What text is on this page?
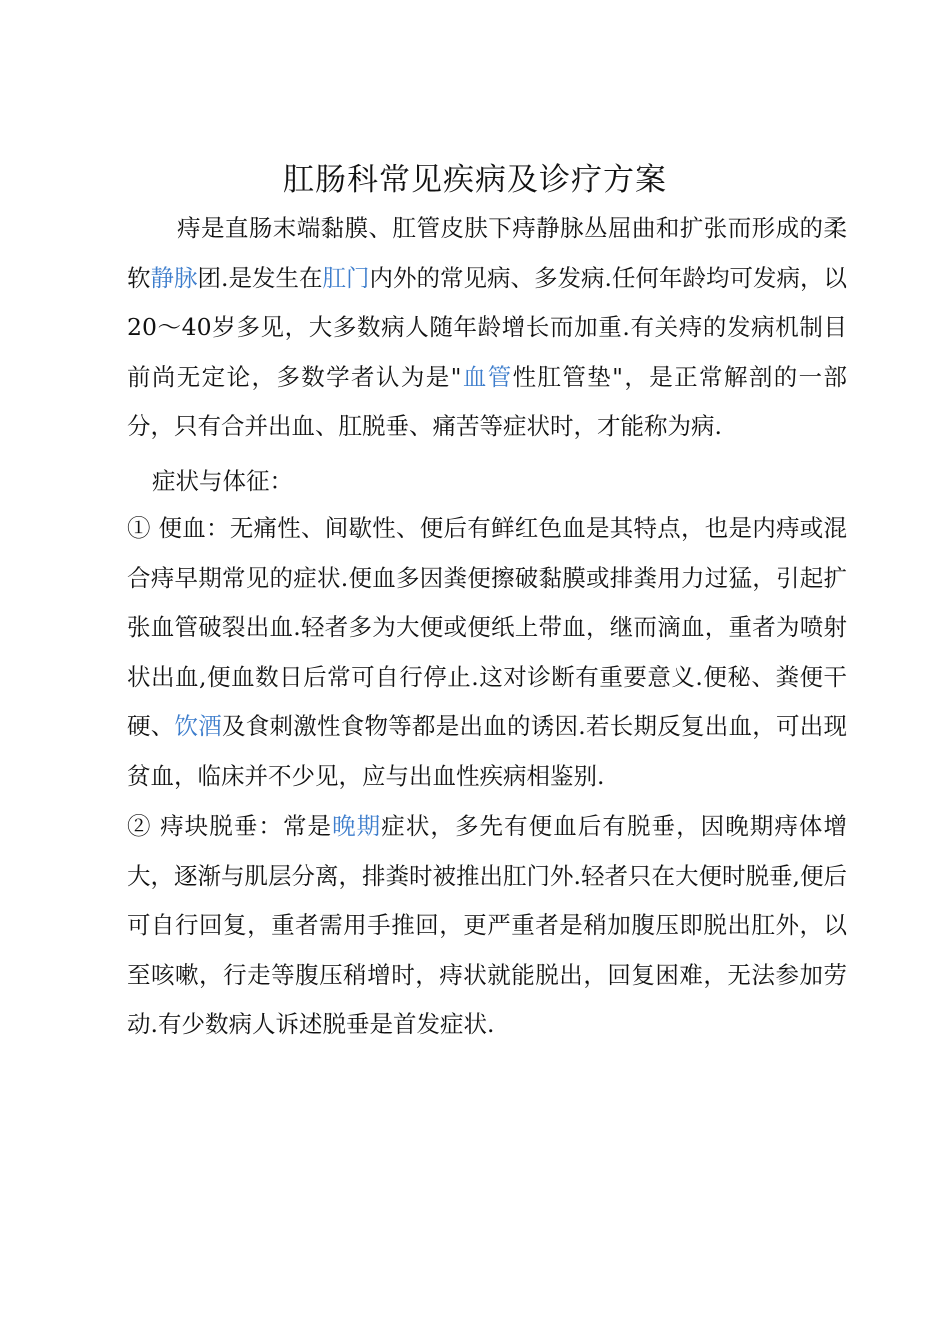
肛肠科常见疾病及诊疗方案

痔是直肠末端黏膜、肛管皮肤下痔静脉丛屈曲和扩张而形成的柔软静脉团.是发生在肛门内外的常见病、多发病.任何年龄均可发病，以20〜40岁多见，大多数病人随年龄增长而加重.有关痔的发病机制目前尚无定论，多数学者认为是"血管性肛管垫"，是正常解剖的一部分，只有合并出血、肛脱垂、痛苦等症状时，才能称为病.

症状与体征：

① 便血：无痛性、间歇性、便后有鲜红色血是其特点，也是内痔或混合痔早期常见的症状.便血多因粪便擦破黏膜或排粪用力过猛，引起扩张血管破裂出血.轻者多为大便或便纸上带血，继而滴血，重者为喷射状出血,便血数日后常可自行停止.这对诊断有重要意义.便秘、粪便干硬、饮酒及食刺激性食物等都是出血的诱因.若长期反复出血，可出现贫血，临床并不少见，应与出血性疾病相鉴别.

② 痔块脱垂：常是晚期症状，多先有便血后有脱垂，因晚期痔体增大，逐渐与肌层分离，排粪时被推出肛门外.轻者只在大便时脱垂,便后可自行回复，重者需用手推回，更严重者是稍加腹压即脱出肛外，以至咳嗽，行走等腹压稍增时，痔状就能脱出，回复困难，无法参加劳动.有少数病人诉述脱垂是首发症状.
